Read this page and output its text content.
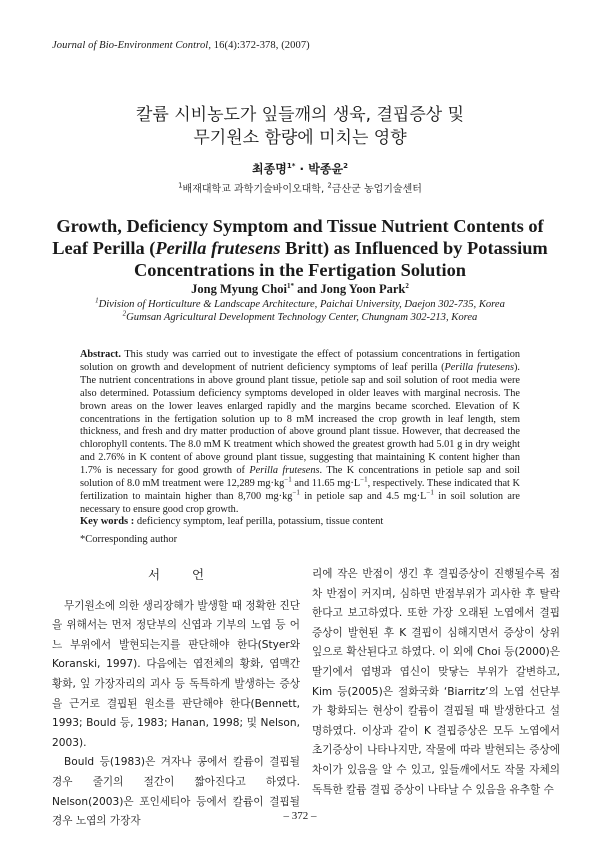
Journal of Bio-Environment Control, 16(4):372-378, (2007)
칼륨 시비농도가 잎들깨의 생육, 결핍증상 및
무기원소 함량에 미치는 영향
최종명$^{1*}$ · 박종윤$^2$
$^1$배재대학교 과학기술바이오대학, $^2$금산군 농업기술센터
Growth, Deficiency Symptom and Tissue Nutrient Contents of
Leaf Perilla (Perilla frutesens Britt) as Influenced by Potassium
Concentrations in the Fertigation Solution
Jong Myung Choi$^{1*}$ and Jong Yoon Park$^2$
$^1$Division of Horticulture & Landscape Architecture, Paichai University, Daejon 302-735, Korea
$^2$Gumsan Agricultural Development Technology Center, Chungnam 302-213, Korea

Abstract. This study was carried out to investigate the effect of potassium concentrations in fertigation solution on growth and development of nutrient deficiency symptoms of leaf perilla (Perilla frutesens). The nutrient concentrations in above ground plant tissue, petiole sap and soil solution of root media were also determined. Potassium deficiency symptoms developed in older leaves with marginal necrosis. The brown areas on the lower leaves enlarged rapidly and the margins became scorched. Elevation of K concentrations in the fertigation solution up to 8 mM increased the crop growth in leaf length, stem thickness, and fresh and dry matter production of above ground plant tissue. However, that decreased the chlorophyll contents. The 8.0 mM K treatment which showed the greatest growth had 5.01 g in dry weight and 2.76% in K content of above ground plant tissue, suggesting that maintaining K content higher than 1.7% is necessary for good growth of Perilla frutesens. The K concentrations in petiole sap and soil solution of 8.0 mM treatment were 12,289 $mg\cdot kg^{-1}$ and 11.65 $mg\cdot L^{-1}$, respectively. These indicated that K fertilization to maintain higher than 8,700 $mg\cdot kg^{-1}$ in petiole sap and 4.5 $mg\cdot L^{-1}$ in soil solution are necessary to ensure good crop growth.

Key words : deficiency symptom, leaf perilla, potassium, tissue content
*Corresponding author
서 언

무기원소에 의한 생리장해가 발생할 때 정확한 진단을 위해서는 먼저 정단부의 신엽과 기부의 노엽 등 어느 부위에서 발현되는지를 판단해야 한다(Styer와 Koranski, 1997). 다음에는 엽전체의 황화, 엽맥간 황화, 잎 가장자리의 괴사 등 독특하게 발생하는 증상을 근거로 결핍된 원소를 판단해야 한다(Bennett, 1993; Bould 등, 1983; Hanan, 1998; 및 Nelson, 2003).

Bould 등(1983)은 겨자나 콩에서 칼륨이 결핍될 경우 줄기의 절간이 짧아진다고 하였다. Nelson(2003)은 포인세티아 등에서 칼륨이 결핍될 경우 노엽의 가장자

리에 작은 반점이 생긴 후 결핍증상이 진행될수록 점차 반점이 커지며, 심하면 반점부위가 괴사한 후 탈락한다고 보고하였다. 또한 가장 오래된 노엽에서 결핍증상이 발현된 후 K 결핍이 심해지면서 증상이 상위 잎으로 확산된다고 하였다. 이 외에 Choi 등(2000)은 딸기에서 엽병과 엽신이 맞닿는 부위가 갈변하고, Kim 등(2005)은 절화국화 ‘Biarritz’의 노엽 선단부가 황화되는 현상이 칼륨이 결핍될 때 발생한다고 설명하였다. 이상과 같이 K 결핍증상은 모두 노엽에서 초기증상이 나타나지만, 작물에 따라 발현되는 증상에 차이가 있음을 알 수 있고, 잎들깨에서도 작물 자체의 독특한 칼륨 결핍 증상이 나타날 수 있음을 유추할 수

– 372 –
